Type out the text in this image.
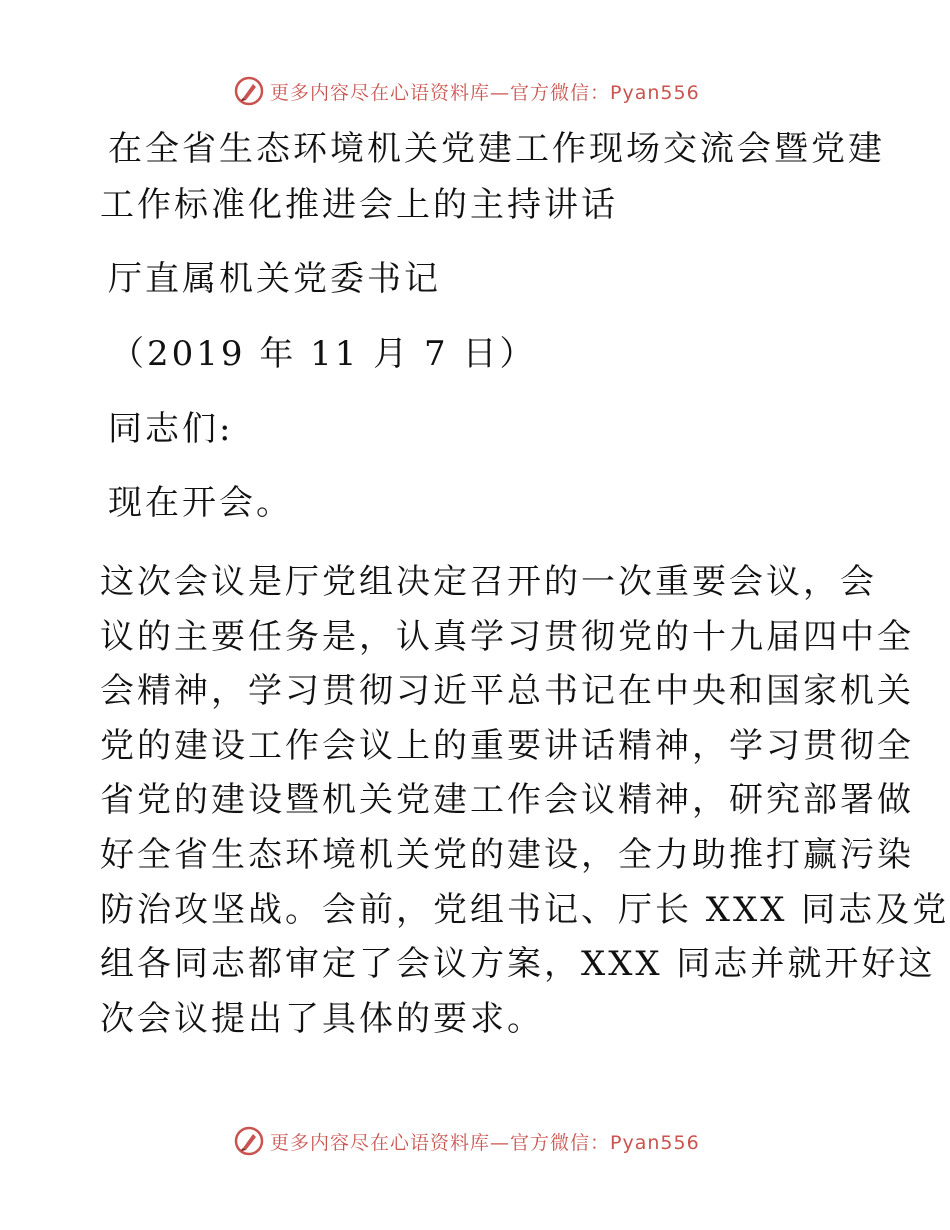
更多内容尽在心语资料库—官方微信：Pyan556
在全省生态环境机关党建工作现场交流会暨党建
工作标准化推进会上的主持讲话
厅直属机关党委书记
（2019 年 11 月 7 日）
同志们:
现在开会。
这次会议是厅党组决定召开的一次重要会议，会
议的主要任务是，认真学习贯彻党的十九届四中全
会精神，学习贯彻习近平总书记在中央和国家机关
党的建设工作会议上的重要讲话精神，学习贯彻全
省党的建设暨机关党建工作会议精神，研究部署做
好全省生态环境机关党的建设，全力助推打赢污染
防治攻坚战。会前，党组书记、厅长 XXX 同志及党
组各同志都审定了会议方案，XXX 同志并就开好这
次会议提出了具体的要求。
更多内容尽在心语资料库—官方微信：Pyan556
